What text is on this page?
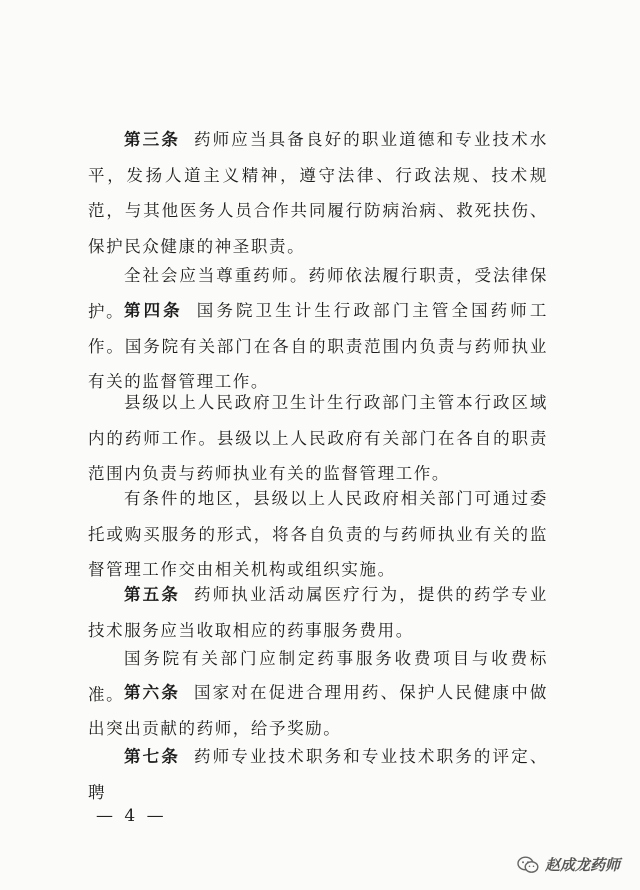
第三条 药师应当具备良好的职业道德和专业技术水平，发扬人道主义精神，遵守法律、行政法规、技术规范，与其他医务人员合作共同履行防病治病、救死扶伤、保护民众健康的神圣职责。

全社会应当尊重药师。药师依法履行职责，受法律保护。 第四条 国务院卫生计生行政部门主管全国药师工作。国务院有关部门在各自的职责范围内负责与药师执业有关的监督管理工作。

县级以上人民政府卫生计生行政部门主管本行政区域内的药师工作。县级以上人民政府有关部门在各自的职责范围内负责与药师执业有关的监督管理工作。

有条件的地区，县级以上人民政府相关部门可通过委托或购买服务的形式，将各自负责的与药师执业有关的监督管理工作交由相关机构或组织实施。

第五条 药师执业活动属医疗行为，提供的药学专业技术服务应当收取相应的药事服务费用。

国务院有关部门应制定药事服务收费项目与收费标准。 第六条 国家对在促进合理用药、保护人民健康中做出突出贡献的药师，给予奖励。

第七条 药师专业技术职务和专业技术职务的评定、聘

— 4 —
赵成龙药师
